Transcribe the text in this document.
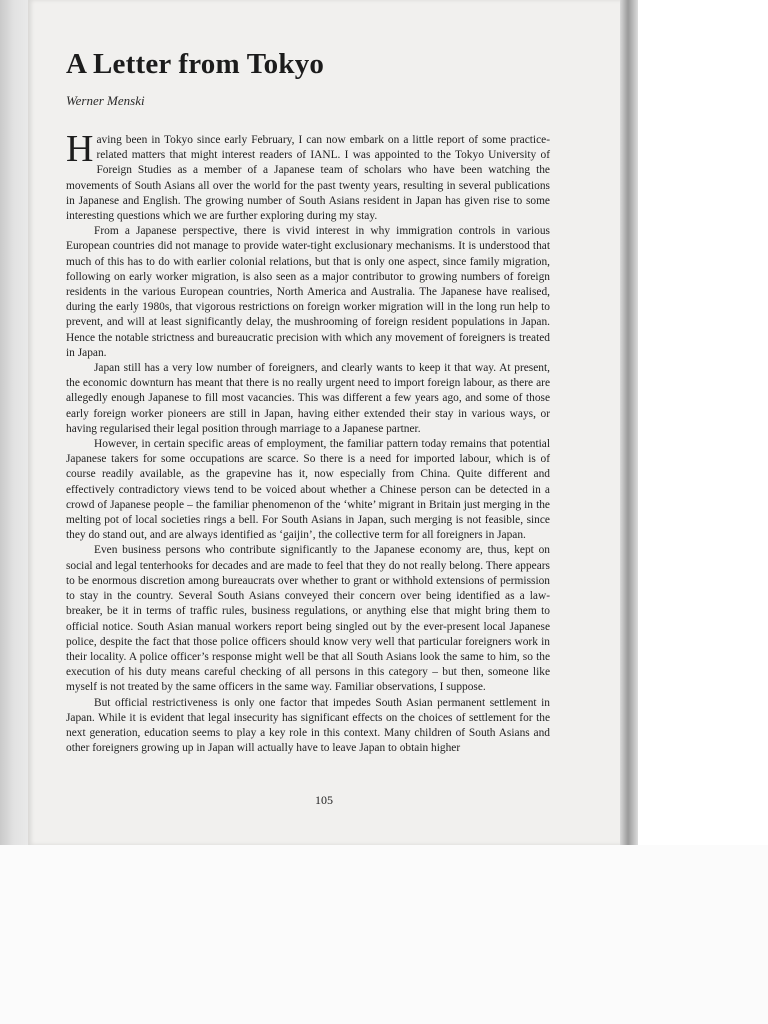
A Letter from Tokyo
Werner Menski

Having been in Tokyo since early February, I can now embark on a little report of some practice-related matters that might interest readers of IANL. I was appointed to the Tokyo University of Foreign Studies as a member of a Japanese team of scholars who have been watching the movements of South Asians all over the world for the past twenty years, resulting in several publications in Japanese and English. The growing number of South Asians resident in Japan has given rise to some interesting questions which we are further exploring during my stay.

From a Japanese perspective, there is vivid interest in why immigration controls in various European countries did not manage to provide water-tight exclusionary mechanisms. It is understood that much of this has to do with earlier colonial relations, but that is only one aspect, since family migration, following on early worker migration, is also seen as a major contributor to growing numbers of foreign residents in the various European countries, North America and Australia. The Japanese have realised, during the early 1980s, that vigorous restrictions on foreign worker migration will in the long run help to prevent, and will at least significantly delay, the mushrooming of foreign resident populations in Japan. Hence the notable strictness and bureaucratic precision with which any movement of foreigners is treated in Japan.

Japan still has a very low number of foreigners, and clearly wants to keep it that way. At present, the economic downturn has meant that there is no really urgent need to import foreign labour, as there are allegedly enough Japanese to fill most vacancies. This was different a few years ago, and some of those early foreign worker pioneers are still in Japan, having either extended their stay in various ways, or having regularised their legal position through marriage to a Japanese partner.

However, in certain specific areas of employment, the familiar pattern today remains that potential Japanese takers for some occupations are scarce. So there is a need for imported labour, which is of course readily available, as the grapevine has it, now especially from China. Quite different and effectively contradictory views tend to be voiced about whether a Chinese person can be detected in a crowd of Japanese people – the familiar phenomenon of the ‘white’ migrant in Britain just merging in the melting pot of local societies rings a bell. For South Asians in Japan, such merging is not feasible, since they do stand out, and are always identified as ‘gaijin’, the collective term for all foreigners in Japan.

Even business persons who contribute significantly to the Japanese economy are, thus, kept on social and legal tenterhooks for decades and are made to feel that they do not really belong. There appears to be enormous discretion among bureaucrats over whether to grant or withhold extensions of permission to stay in the country. Several South Asians conveyed their concern over being identified as a law-breaker, be it in terms of traffic rules, business regulations, or anything else that might bring them to official notice. South Asian manual workers report being singled out by the ever-present local Japanese police, despite the fact that those police officers should know very well that particular foreigners work in their locality. A police officer’s response might well be that all South Asians look the same to him, so the execution of his duty means careful checking of all persons in this category – but then, someone like myself is not treated by the same officers in the same way. Familiar observations, I suppose.

But official restrictiveness is only one factor that impedes South Asian permanent settlement in Japan. While it is evident that legal insecurity has significant effects on the choices of settlement for the next generation, education seems to play a key role in this context. Many children of South Asians and other foreigners growing up in Japan will actually have to leave Japan to obtain higher

105
